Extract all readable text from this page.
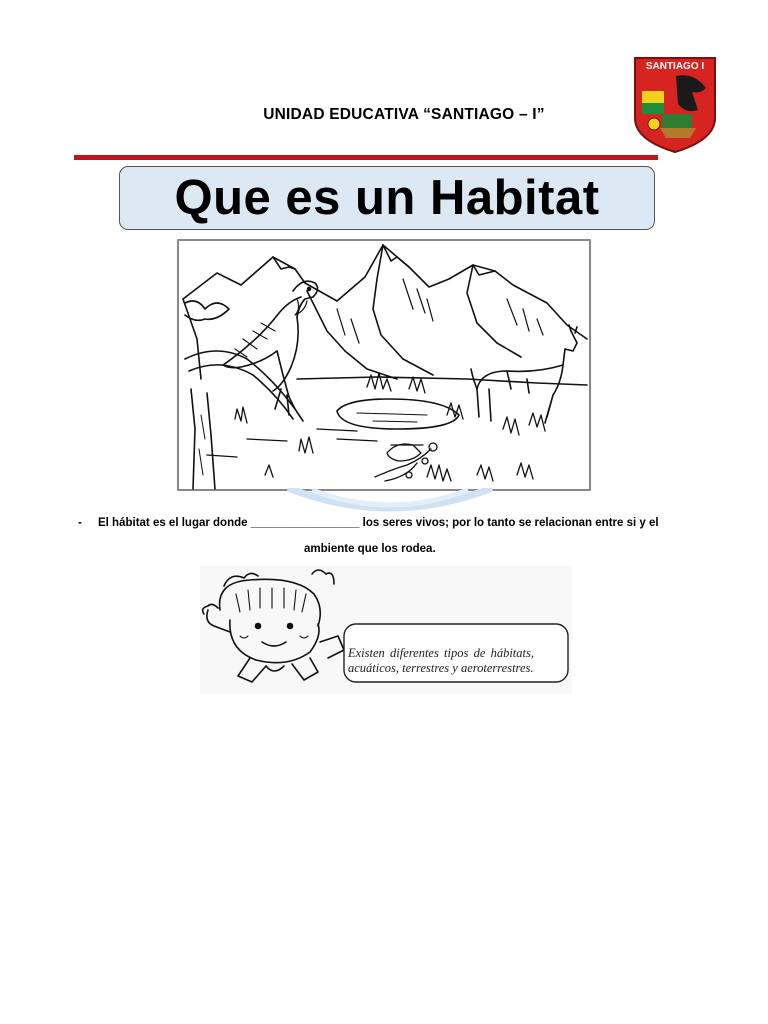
UNIDAD EDUCATIVA “SANTIAGO – I”
SANTIAGO I
Que es un Habitat
- El hábitat es el lugar donde _________________ los seres vivos; por lo tanto se relacionan entre si y el
ambiente que los rodea.
Existen diferentes tipos de hábitats, acuáticos, terrestres y aeroterrestres.
